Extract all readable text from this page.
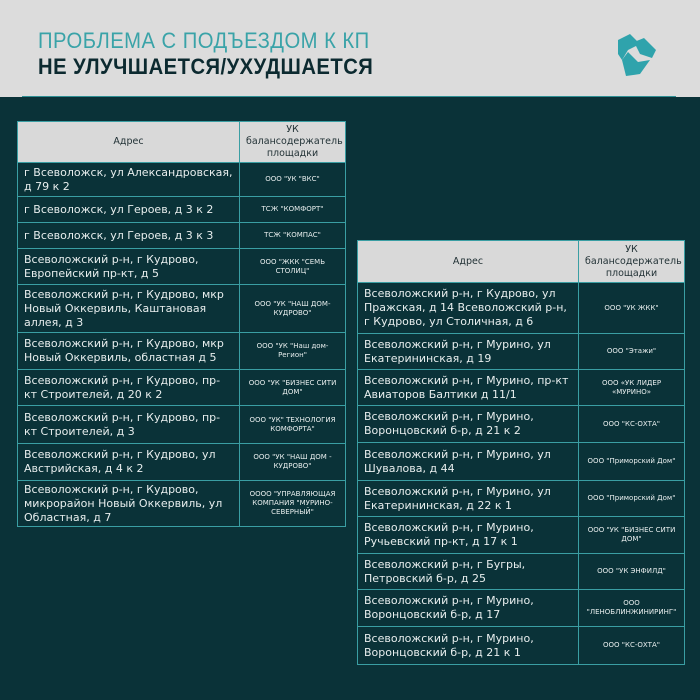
ПРОБЛЕМА С ПОДЪЕЗДОМ К КП
НЕ УЛУЧШАЕТСЯ/УХУДШАЕТСЯ
Адрес	УК балансодержатель площадки
г Всеволожск, ул Александровская, д 79 к 2	ООО "УК "ВКС"
г Всеволожск, ул Героев, д 3 к 2	ТСЖ "КОМФОРТ"
г Всеволожск, ул Героев, д 3 к 3	ТСЖ "КОМПАС"
Всеволожский р-н, г Кудрово, Европейский пр-кт, д 5	ООО "ЖКК "СЕМЬ СТОЛИЦ"
Всеволожский р-н, г Кудрово, мкр Новый Оккервиль, Каштановая аллея, д 3	ООО "УК "НАШ ДОМ-КУДРОВО"
Всеволожский р-н, г Кудрово, мкр Новый Оккервиль, областная д 5	ООО "УК "Наш дом-Регион"
Всеволожский р-н, г Кудрово, пр-кт Строителей, д 20 к 2	ООО "УК "БИЗНЕС СИТИ ДОМ"
Всеволожский р-н, г Кудрово, пр-кт Строителей, д 3	ООО "УК" ТЕХНОЛОГИЯ КОМФОРТА"
Всеволожский р-н, г Кудрово, ул Австрийская, д 4 к 2	ООО "УК "НАШ ДОМ - КУДРОВО"
Всеволожский р-н, г Кудрово, микрорайон Новый Оккервиль, ул Областная, д 7	ОООО "УПРАВЛЯЮЩАЯ КОМПАНИЯ "МУРИНО-СЕВЕРНЫЙ"
Адрес	УК балансодержатель площадки
Всеволожский р-н, г Кудрово, ул Пражская, д 14 Всеволожский р-н, г Кудрово, ул Столичная, д 6	ООО "УК ЖКК"
Всеволожский р-н, г Мурино, ул Екатерининская, д 19	ООО "Этажи"
Всеволожский р-н, г Мурино, пр-кт Авиаторов Балтики д 11/1	ООО «УК ЛИДЕР «МУРИНО»
Всеволожский р-н, г Мурино, Воронцовский б-р, д 21 к 2	ООО "КС-ОХТА"
Всеволожский р-н, г Мурино, ул Шувалова, д 44	ООО "Приморский Дом"
Всеволожский р-н, г Мурино, ул Екатерининская, д 22 к 1	ООО "Приморский Дом"
Всеволожский р-н, г Мурино, Ручьевский пр-кт, д 17 к 1	ООО "УК "БИЗНЕС СИТИ ДОМ"
Всеволожский р-н, г Бугры, Петровский б-р, д 25	ООО "УК ЭНФИЛД"
Всеволожский р-н, г Мурино, Воронцовский б-р, д 17	ООО "ЛЕНОБЛИНЖИНИРИНГ"
Всеволожский р-н, г Мурино, Воронцовский б-р, д 21 к 1	ООО "КС-ОХТА"
